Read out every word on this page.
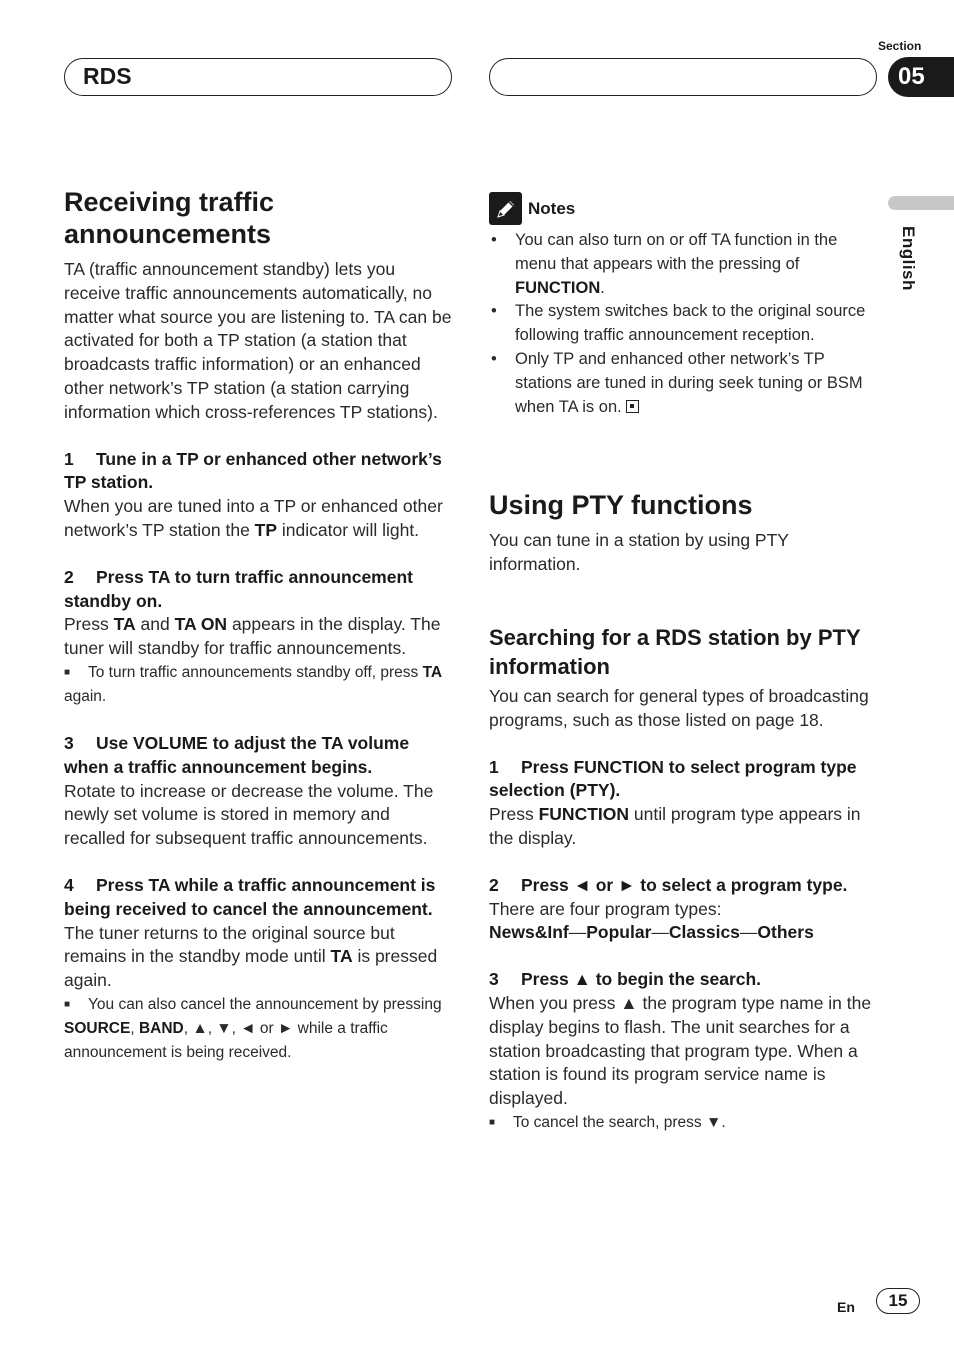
RDS
Section
05
English
Receiving traffic announcements
TA (traffic announcement standby) lets you receive traffic announcements automatically, no matter what source you are listening to. TA can be activated for both a TP station (a station that broadcasts traffic information) or an enhanced other network’s TP station (a station carrying information which cross-references TP stations).
1 Tune in a TP or enhanced other network’s TP station.
When you are tuned into a TP or enhanced other network’s TP station the TP indicator will light.
2 Press TA to turn traffic announcement standby on.
Press TA and TA ON appears in the display. The tuner will standby for traffic announcements.
■ To turn traffic announcements standby off, press TA again.
3 Use VOLUME to adjust the TA volume when a traffic announcement begins.
Rotate to increase or decrease the volume. The newly set volume is stored in memory and recalled for subsequent traffic announcements.
4 Press TA while a traffic announcement is being received to cancel the announcement.
The tuner returns to the original source but remains in the standby mode until TA is pressed again.
■ You can also cancel the announcement by pressing SOURCE, BAND, ▲, ▼, ◄ or ► while a traffic announcement is being received.
Notes
• You can also turn on or off TA function in the menu that appears with the pressing of FUNCTION.
• The system switches back to the original source following traffic announcement reception.
• Only TP and enhanced other network’s TP stations are tuned in during seek tuning or BSM when TA is on.
Using PTY functions
You can tune in a station by using PTY information.
Searching for a RDS station by PTY information
You can search for general types of broadcasting programs, such as those listed on page 18.
1 Press FUNCTION to select program type selection (PTY).
Press FUNCTION until program type appears in the display.
2 Press ◄ or ► to select a program type.
There are four program types:
News&Inf—Popular—Classics—Others
3 Press ▲ to begin the search.
When you press ▲ the program type name in the display begins to flash. The unit searches for a station broadcasting that program type. When a station is found its program service name is displayed.
■ To cancel the search, press ▼.
En	15
